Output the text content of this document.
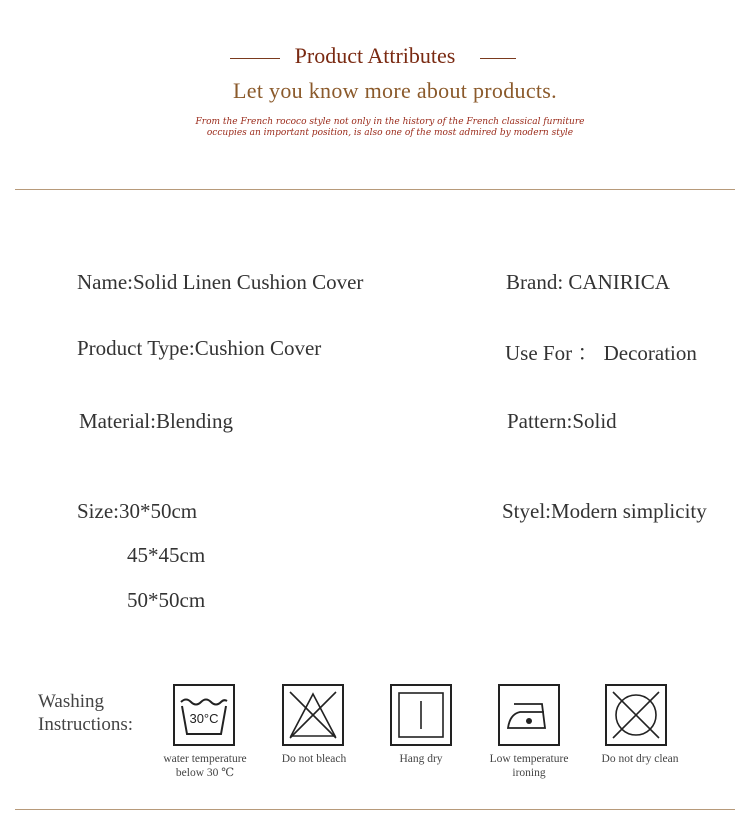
Product Attributes
Let you know more about products.
From the French rococo style not only in the history of the French classical furniture occupies an important position, is also one of the most admired by modern style
Name:Solid Linen Cushion Cover	Brand: CANIRICA
Product Type:Cushion Cover	Use For ： Decoration
Material:Blending	Pattern:Solid
Size:30*50cm	Styel:Modern simplicity
45*45cm
50*50cm
Washing
Instructions:	30°C
water temperature below 30 ℃
Do not bleach	Hang dry	Low temperature ironing
Do not dry clean
